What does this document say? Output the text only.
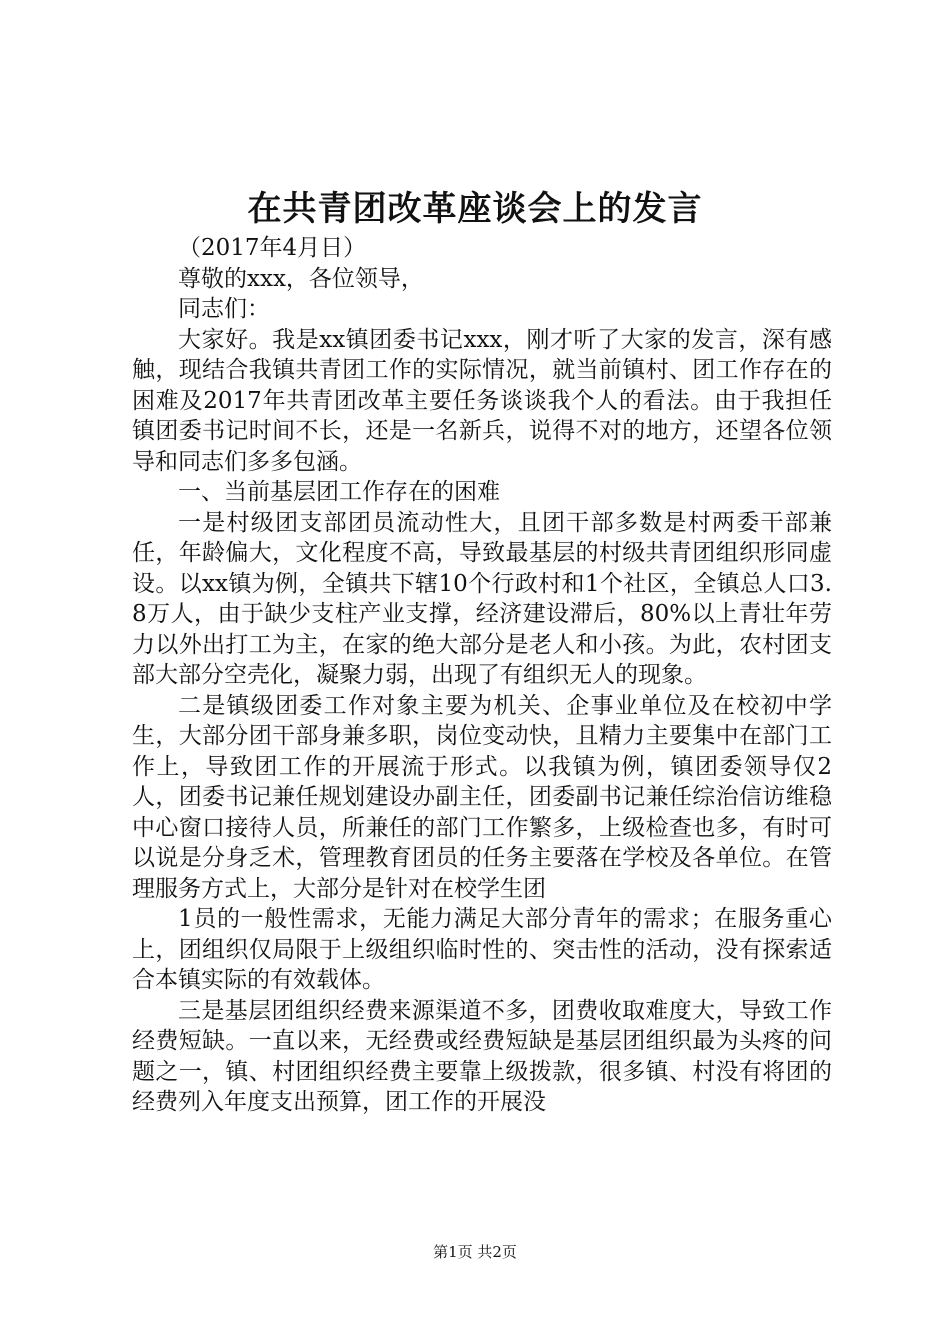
在共青团改革座谈会上的发言

（2017年4月日）

尊敬的xxx，各位领导，

同志们：

大家好。我是xx镇团委书记xxx，刚才听了大家的发言，深有感触，现结合我镇共青团工作的实际情况，就当前镇村、团工作存在的困难及2017年共青团改革主要任务谈谈我个人的看法。由于我担任镇团委书记时间不长，还是一名新兵，说得不对的地方，还望各位领导和同志们多多包涵。

一、当前基层团工作存在的困难

一是村级团支部团员流动性大，且团干部多数是村两委干部兼任，年龄偏大，文化程度不高，导致最基层的村级共青团组织形同虚设。以xx镇为例，全镇共下辖10个行政村和1个社区，全镇总人口3.8万人，由于缺少支柱产业支撑，经济建设滞后，80%以上青壮年劳力以外出打工为主，在家的绝大部分是老人和小孩。为此，农村团支部大部分空壳化，凝聚力弱，出现了有组织无人的现象。

二是镇级团委工作对象主要为机关、企事业单位及在校初中学生，大部分团干部身兼多职，岗位变动快，且精力主要集中在部门工作上，导致团工作的开展流于形式。以我镇为例，镇团委领导仅2人，团委书记兼任规划建设办副主任，团委副书记兼任综治信访维稳中心窗口接待人员，所兼任的部门工作繁多，上级检查也多，有时可以说是分身乏术，管理教育团员的任务主要落在学校及各单位。在管理服务方式上，大部分是针对在校学生团

1员的一般性需求，无能力满足大部分青年的需求；在服务重心上，团组织仅局限于上级组织临时性的、突击性的活动，没有探索适合本镇实际的有效载体。

三是基层团组织经费来源渠道不多，团费收取难度大，导致工作经费短缺。一直以来，无经费或经费短缺是基层团组织最为头疼的问题之一，镇、村团组织经费主要靠上级拨款，很多镇、村没有将团的经费列入年度支出预算，团工作的开展没

第1页 共2页
